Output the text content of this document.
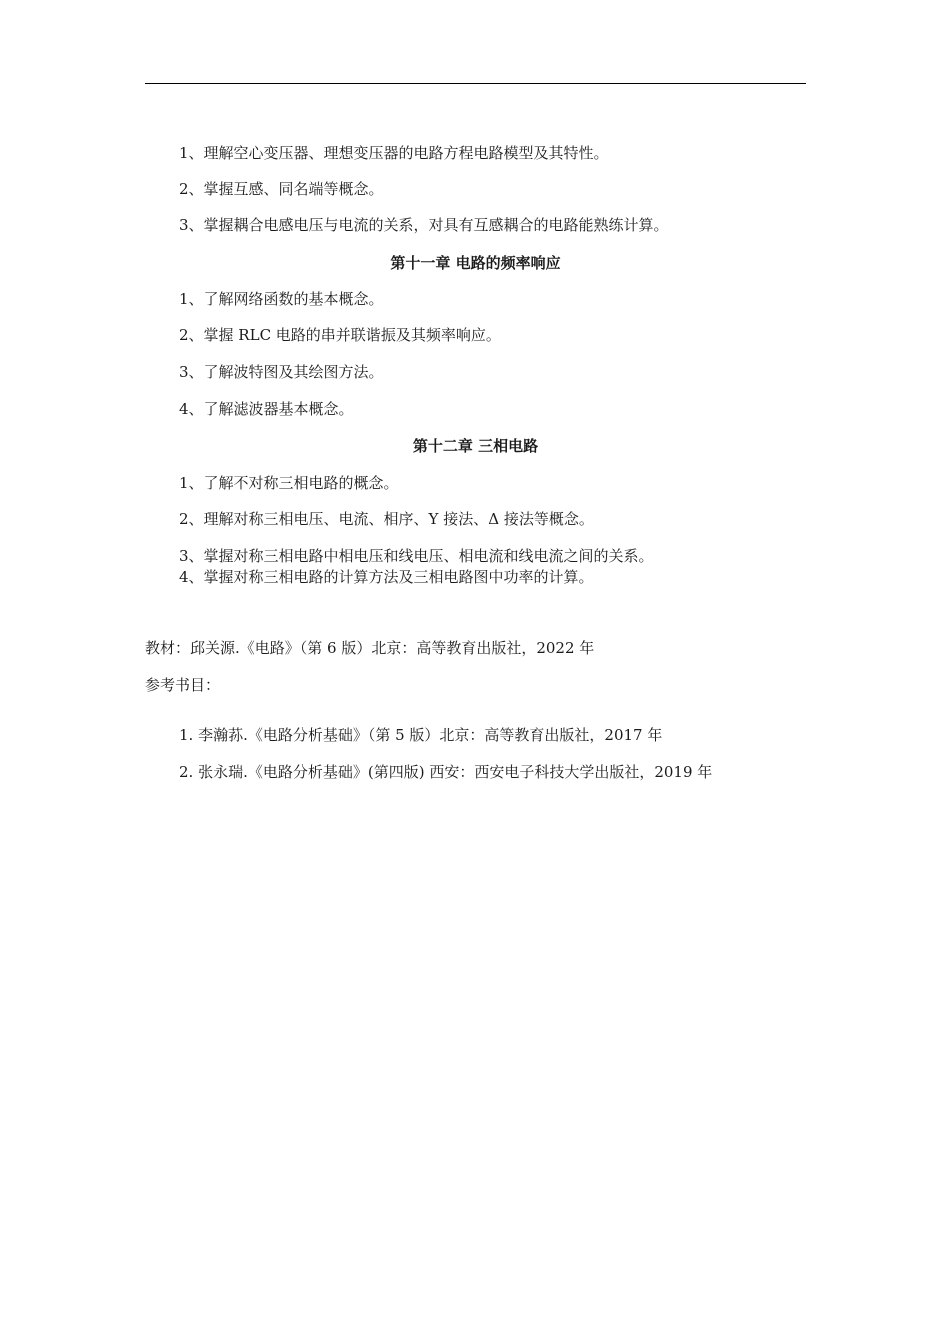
1、理解空心变压器、理想变压器的电路方程电路模型及其特性。
2、掌握互感、同名端等概念。
3、掌握耦合电感电压与电流的关系，对具有互感耦合的电路能熟练计算。
第十一章 电路的频率响应
1、了解网络函数的基本概念。
2、掌握 RLC 电路的串并联谐振及其频率响应。
3、了解波特图及其绘图方法。
4、了解滤波器基本概念。
第十二章 三相电路
1、了解不对称三相电路的概念。
2、理解对称三相电压、电流、相序、Y 接法、Δ 接法等概念。
3、掌握对称三相电路中相电压和线电压、相电流和线电流之间的关系。
4、掌握对称三相电路的计算方法及三相电路图中功率的计算。
教材：邱关源.《电路》（第 6 版）北京：高等教育出版社，2022 年
参考书目：
1. 李瀚荪.《电路分析基础》（第 5 版）北京：高等教育出版社，2017 年
2. 张永瑞.《电路分析基础》(第四版) 西安：西安电子科技大学出版社，2019 年
